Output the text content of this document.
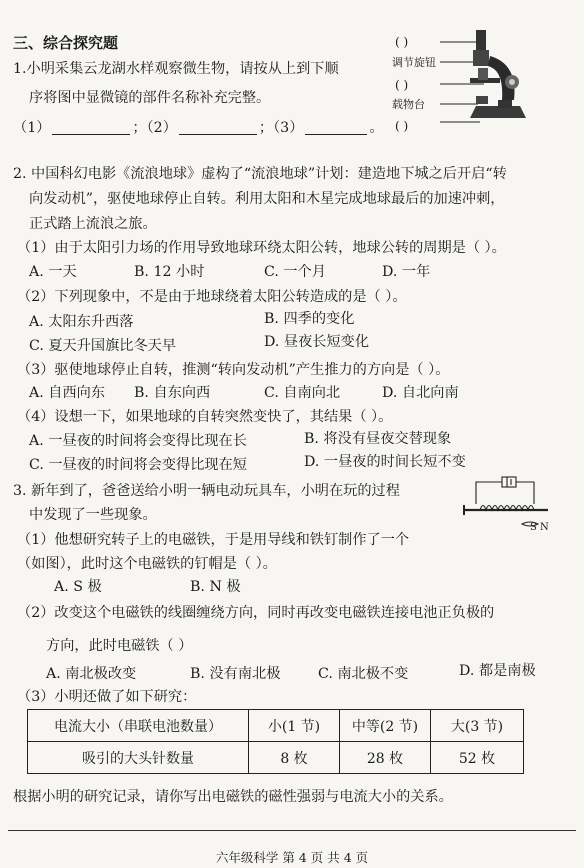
三、综合探究题
1.小明采集云龙湖水样观察微生物，请按从上到下顺
序将图中显微镜的部件名称补充完整。
（1）	；（2）	；（3）	。
( )
调节旋钮
( )
载物台
( )
2. 中国科幻电影《流浪地球》虚构了“流浪地球”计划：建造地下城之后开启“转
向发动机”，驱使地球停止自转。利用太阳和木星完成地球最后的加速冲刺，
正式踏上流浪之旅。
（1）由于太阳引力场的作用导致地球环绕太阳公转，地球公转的周期是（ ）。
A. 一天	B. 12 小时	C. 一个月	D. 一年
（2）下列现象中，不是由于地球绕着太阳公转造成的是（ ）。
A. 太阳东升西落	B. 四季的变化
C. 夏天升国旗比冬天早	D. 昼夜长短变化
（3）驱使地球停止自转，推测“转向发动机”产生推力的方向是（ ）。
A. 自西向东 B. 自东向西	C. 自南向北	D. 自北向南
（4）设想一下，如果地球的自转突然变快了，其结果（ ）。
A. 一昼夜的时间将会变得比现在长	B. 将没有昼夜交替现象
C. 一昼夜的时间将会变得比现在短	D. 一昼夜的时间长短不变
3. 新年到了，爸爸送给小明一辆电动玩具车，小明在玩的过程
中发现了一些现象。
S N
（1）他想研究转子上的电磁铁，于是用导线和铁钉制作了一个
（如图），此时这个电磁铁的钉帽是（ ）。
A. S 极	B. N 极
（2）改变这个电磁铁的线圈缠绕方向，同时再改变电磁铁连接电池正负极的
方向，此时电磁铁（ ）
A. 南北极改变	B. 没有南北极	C. 南北极不变	D. 都是南极
（3）小明还做了如下研究：
电流大小（串联电池数量）	小(1 节)	中等(2 节)	大(3 节)
吸引的大头针数量	8 枚	28 枚	52 枚
根据小明的研究记录，请你写出电磁铁的磁性强弱与电流大小的关系。
六年级科学 第 4 页 共 4 页
